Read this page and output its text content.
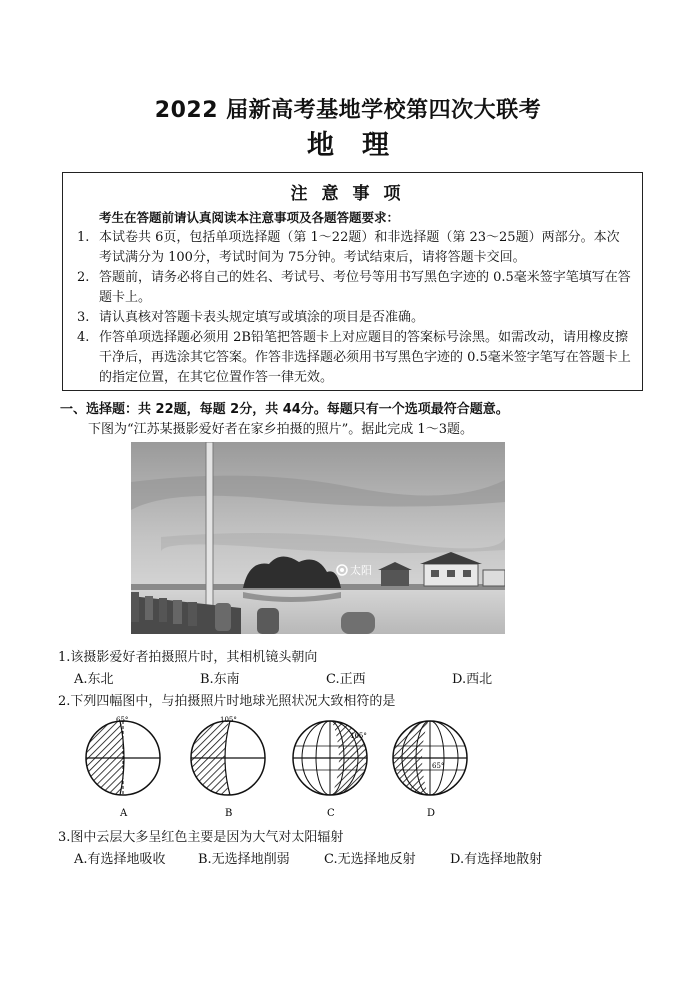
2022 届新高考基地学校第四次大联考
地理
注意事项
考生在答题前请认真阅读本注意事项及各题答题要求：
1. 本试卷共 6页，包括单项选择题（第 1～22题）和非选择题（第 23～25题）两部分。本次考试满分为 100分，考试时间为 75分钟。考试结束后，请将答题卡交回。
2. 答题前，请务必将自己的姓名、考试号、考位号等用书写黑色字迹的 0.5毫米签字笔填写在答题卡上。
3. 请认真核对答题卡表头规定填写或填涂的项目是否准确。
4. 作答单项选择题必须用 2B铅笔把答题卡上对应题目的答案标号涂黑。如需改动，请用橡皮擦干净后，再选涂其它答案。作答非选择题必须用书写黑色字迹的 0.5毫米签字笔写在答题卡上的指定位置，在其它位置作答一律无效。
一、选择题：共 22题，每题 2分，共 44分。每题只有一个选项最符合题意。
下图为“江苏某摄影爱好者在家乡拍摄的照片”。据此完成 1～3题。
太阳
1.该摄影爱好者拍摄照片时，其相机镜头朝向
A.东北	B.东南	C.正西	D.西北
2.下列四幅图中，与拍摄照片时地球光照状况大致相符的是
65°
A
105°
B
165°
C
65°
D
3.图中云层大多呈红色主要是因为大气对太阳辐射
A.有选择地吸收	B.无选择地削弱	C.无选择地反射	D.有选择地散射
